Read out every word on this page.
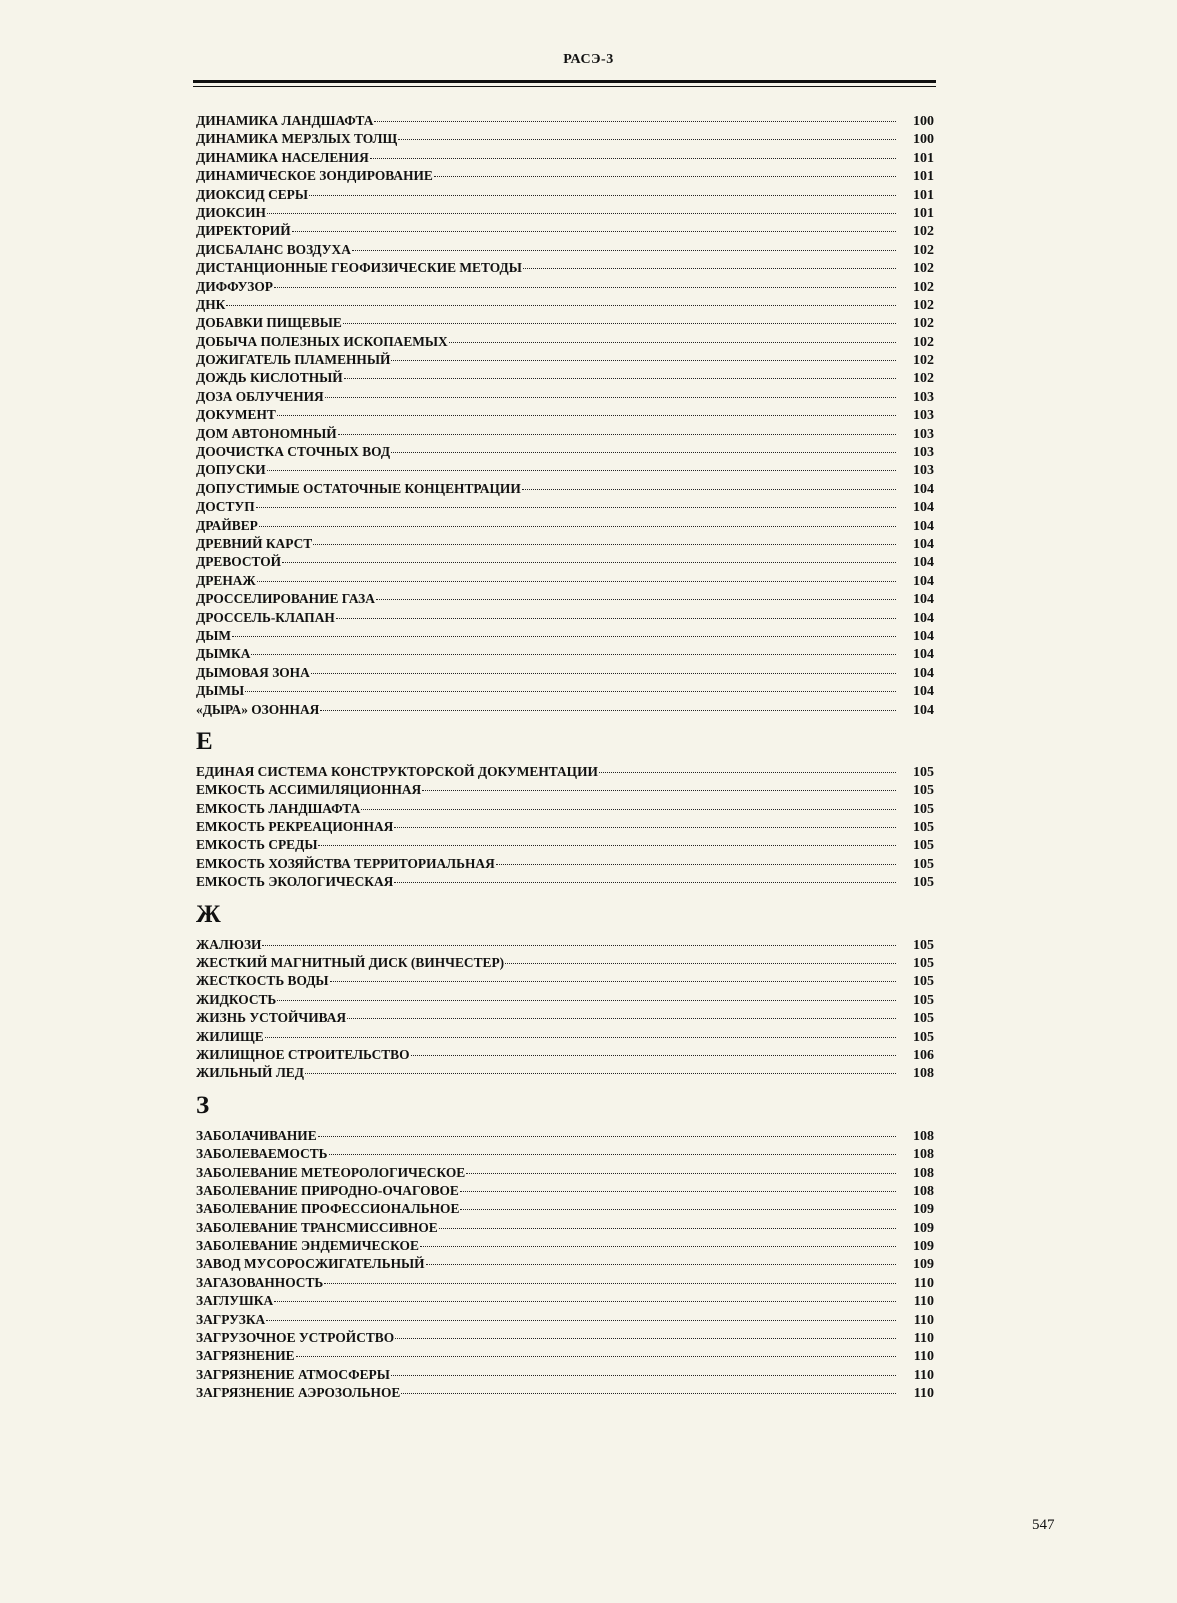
РАСЭ-3
ДИНАМИКА ЛАНДШАФТА	100
ДИНАМИКА МЕРЗЛЫХ ТОЛЩ	100
ДИНАМИКА НАСЕЛЕНИЯ	101
ДИНАМИЧЕСКОЕ ЗОНДИРОВАНИЕ	101
ДИОКСИД СЕРЫ	101
ДИОКСИН	101
ДИРЕКТОРИЙ	102
ДИСБАЛАНС ВОЗДУХА	102
ДИСТАНЦИОННЫЕ ГЕОФИЗИЧЕСКИЕ МЕТОДЫ	102
ДИФФУЗОР	102
ДНК	102
ДОБАВКИ ПИЩЕВЫЕ	102
ДОБЫЧА ПОЛЕЗНЫХ ИСКОПАЕМЫХ	102
ДОЖИГАТЕЛЬ ПЛАМЕННЫЙ	102
ДОЖДЬ КИСЛОТНЫЙ	102
ДОЗА ОБЛУЧЕНИЯ	103
ДОКУМЕНТ	103
ДОМ АВТОНОМНЫЙ	103
ДООЧИСТКА СТОЧНЫХ ВОД	103
ДОПУСКИ	103
ДОПУСТИМЫЕ ОСТАТОЧНЫЕ КОНЦЕНТРАЦИИ	104
ДОСТУП	104
ДРАЙВЕР	104
ДРЕВНИЙ КАРСТ	104
ДРЕВОСТОЙ	104
ДРЕНАЖ	104
ДРОССЕЛИРОВАНИЕ ГАЗА	104
ДРОССЕЛЬ-КЛАПАН	104
ДЫМ	104
ДЫМКА	104
ДЫМОВАЯ ЗОНА	104
ДЫМЫ	104
«ДЫРА» ОЗОННАЯ	104
Е
ЕДИНАЯ СИСТЕМА КОНСТРУКТОРСКОЙ ДОКУМЕНТАЦИИ	105
ЕМКОСТЬ АССИМИЛЯЦИОННАЯ	105
ЕМКОСТЬ ЛАНДШАФТА	105
ЕМКОСТЬ РЕКРЕАЦИОННАЯ	105
ЕМКОСТЬ СРЕДЫ	105
ЕМКОСТЬ ХОЗЯЙСТВА ТЕРРИТОРИАЛЬНАЯ	105
ЕМКОСТЬ ЭКОЛОГИЧЕСКАЯ	105
Ж
ЖАЛЮЗИ	105
ЖЕСТКИЙ МАГНИТНЫЙ ДИСК (ВИНЧЕСТЕР)	105
ЖЕСТКОСТЬ ВОДЫ	105
ЖИДКОСТЬ	105
ЖИЗНЬ УСТОЙЧИВАЯ	105
ЖИЛИЩЕ	105
ЖИЛИЩНОЕ СТРОИТЕЛЬСТВО	106
ЖИЛЬНЫЙ ЛЕД	108
З
ЗАБОЛАЧИВАНИЕ	108
ЗАБОЛЕВАЕМОСТЬ	108
ЗАБОЛЕВАНИЕ МЕТЕОРОЛОГИЧЕСКОЕ	108
ЗАБОЛЕВАНИЕ ПРИРОДНО-ОЧАГОВОЕ	108
ЗАБОЛЕВАНИЕ ПРОФЕССИОНАЛЬНОЕ	109
ЗАБОЛЕВАНИЕ ТРАНСМИССИВНОЕ	109
ЗАБОЛЕВАНИЕ ЭНДЕМИЧЕСКОЕ	109
ЗАВОД МУСОРОСЖИГАТЕЛЬНЫЙ	109
ЗАГАЗОВАННОСТЬ	110
ЗАГЛУШКА	110
ЗАГРУЗКА	110
ЗАГРУЗОЧНОЕ УСТРОЙСТВО	110
ЗАГРЯЗНЕНИЕ	110
ЗАГРЯЗНЕНИЕ АТМОСФЕРЫ	110
ЗАГРЯЗНЕНИЕ АЭРОЗОЛЬНОЕ	110
547
